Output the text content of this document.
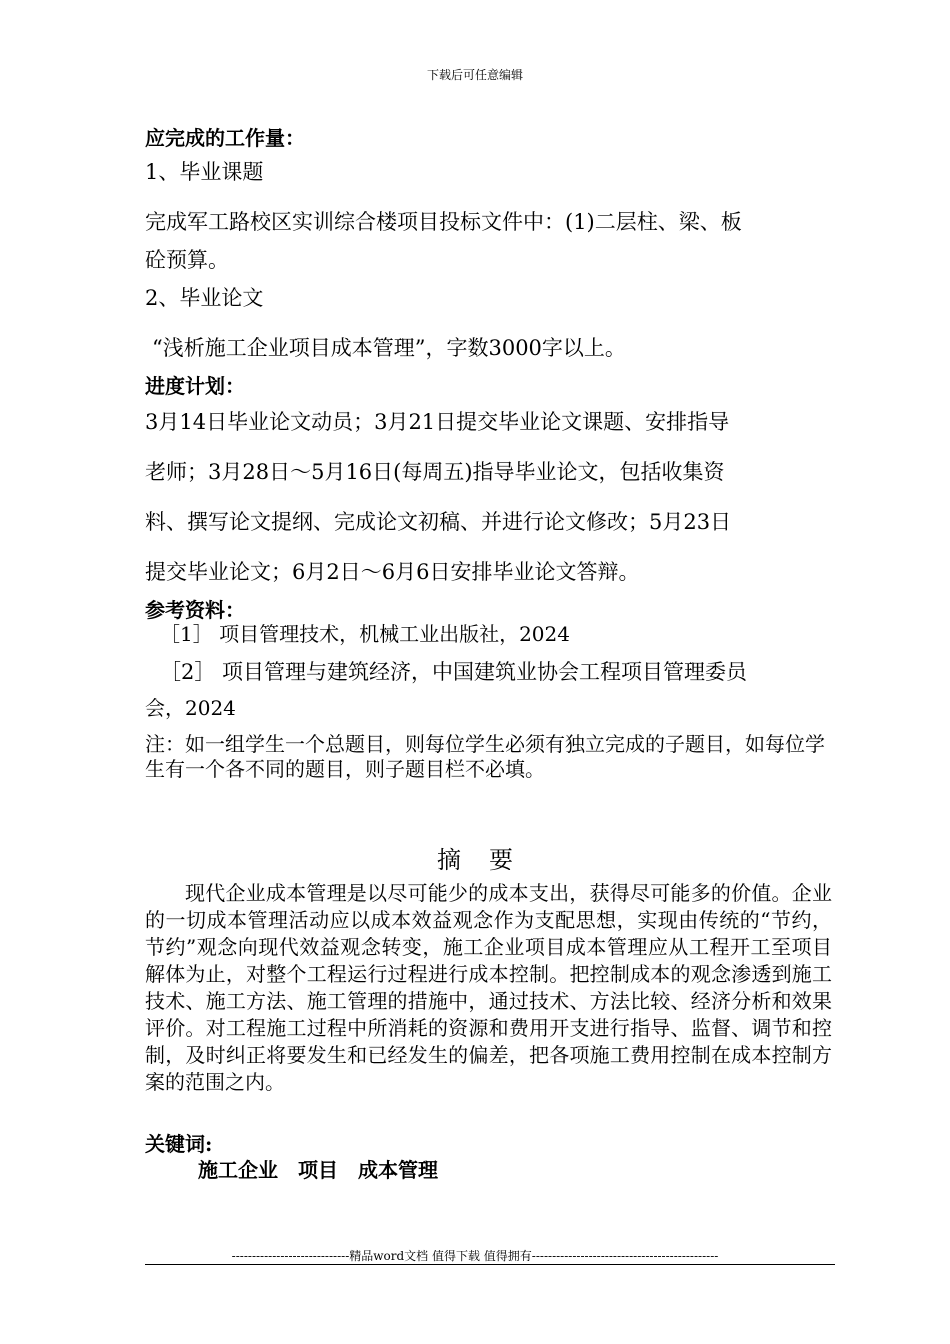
下载后可任意编辑
应完成的工作量：
1、毕业课题
完成军工路校区实训综合楼项目投标文件中：(1)二层柱、梁、板
砼预算。
2、毕业论文
“浅析施工企业项目成本管理”，字数3000字以上。
进度计划：
3月14日毕业论文动员；3月21日提交毕业论文课题、安排指导
老师；3月28日～5月16日(每周五)指导毕业论文，包括收集资
料、撰写论文提纲、完成论文初稿、并进行论文修改；5月23日
提交毕业论文；6月2日～6月6日安排毕业论文答辩。
参考资料：
［1］ 项目管理技术，机械工业出版社，2024
［2］ 项目管理与建筑经济，中国建筑业协会工程项目管理委员
会，2024
注：如一组学生一个总题目，则每位学生必须有独立完成的子题目，如每位学生有一个各不同的题目，则子题目栏不必填。
摘要
现代企业成本管理是以尽可能少的成本支出，获得尽可能多的价值。企业的一切成本管理活动应以成本效益观念作为支配思想，实现由传统的“节约，节约”观念向现代效益观念转变，施工企业项目成本管理应从工程开工至项目解体为止，对整个工程运行过程进行成本控制。把控制成本的观念渗透到施工技术、施工方法、施工管理的措施中，通过技术、方法比较、经济分析和效果评价。对工程施工过程中所消耗的资源和费用开支进行指导、监督、调节和控制，及时纠正将要发生和已经发生的偏差，把各项施工费用控制在成本控制方案的范围之内。
关键词:
施工企业　项目　成本管理
-----------------------------精品word文档 值得下载 值得拥有----------------------------------------------
